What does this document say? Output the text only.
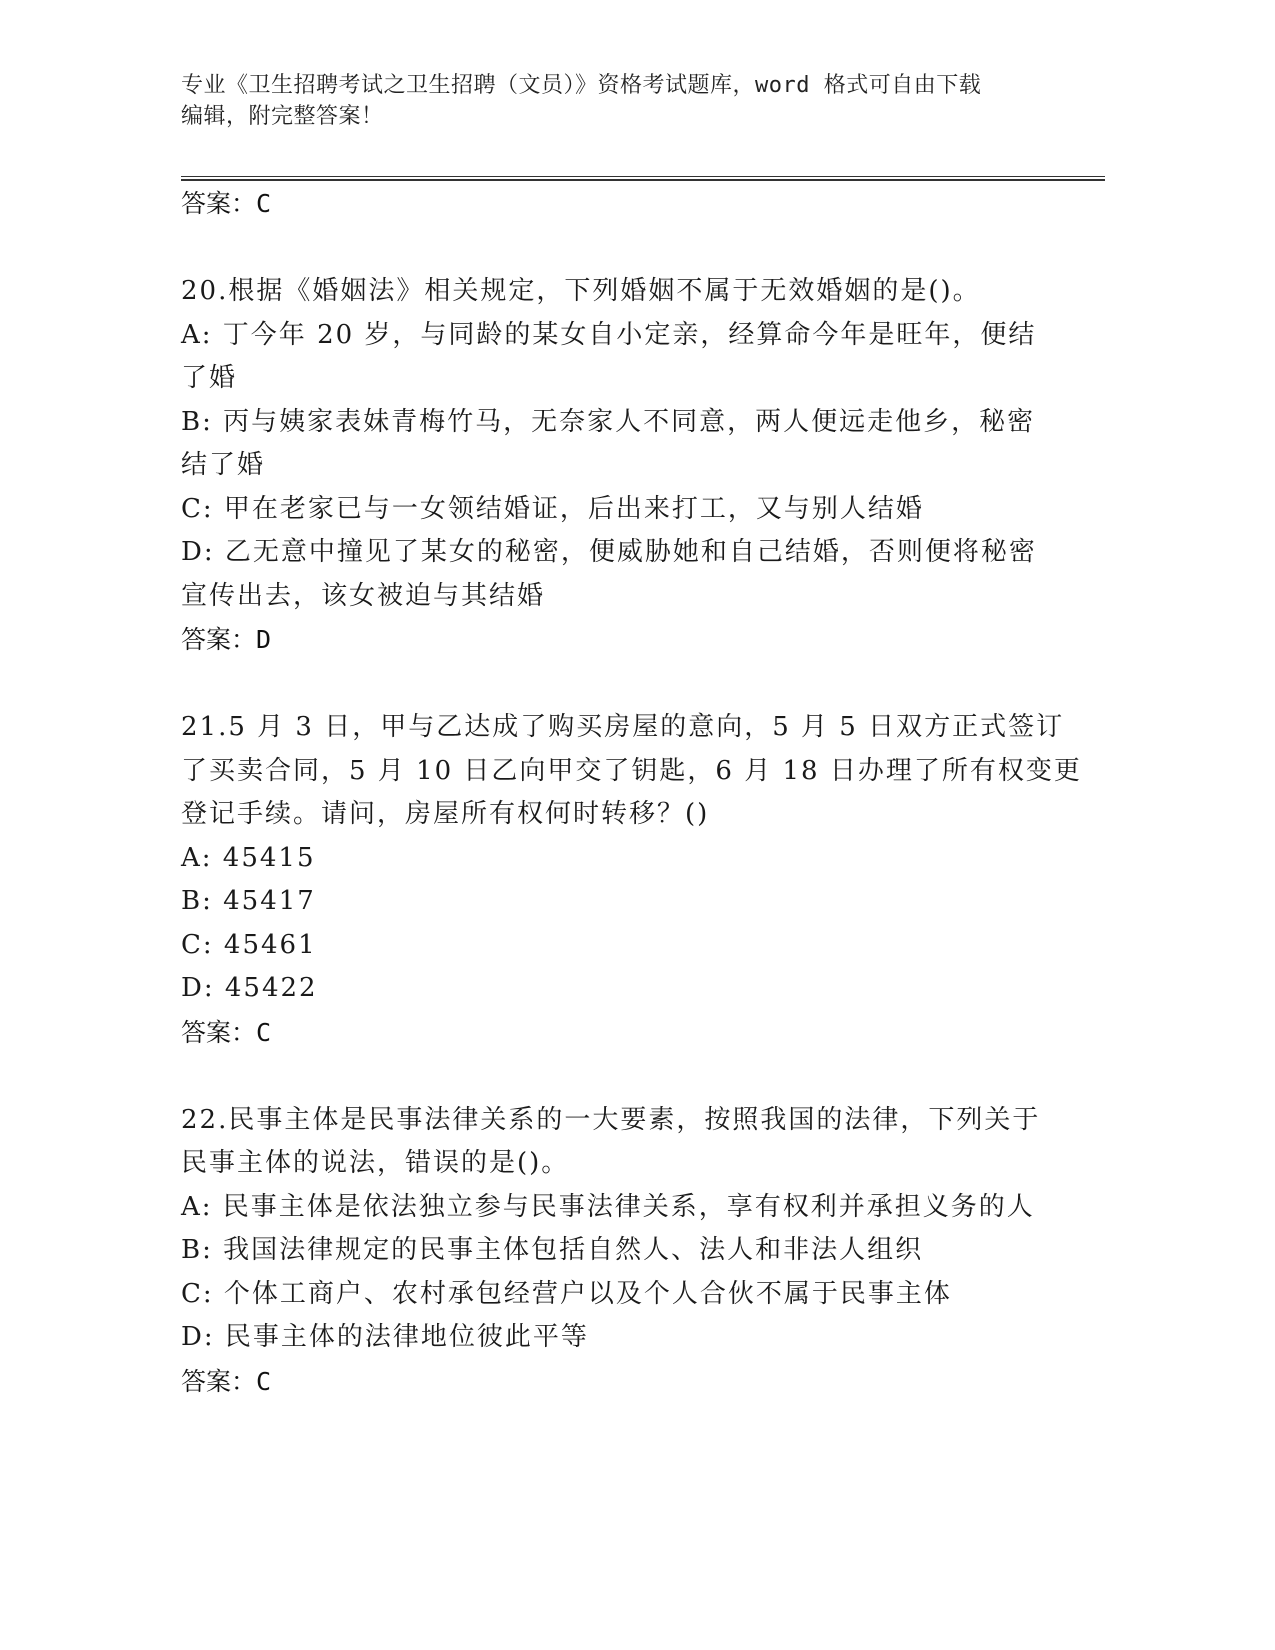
专业《卫生招聘考试之卫生招聘（文员）》资格考试题库，word 格式可自由下载
编辑，附完整答案！
答案：C
20.根据《婚姻法》相关规定，下列婚姻不属于无效婚姻的是()。
A: 丁今年 20 岁，与同龄的某女自小定亲，经算命今年是旺年，便结
了婚
B: 丙与姨家表妹青梅竹马，无奈家人不同意，两人便远走他乡，秘密
结了婚
C: 甲在老家已与一女领结婚证，后出来打工，又与别人结婚
D: 乙无意中撞见了某女的秘密，便威胁她和自己结婚，否则便将秘密
宣传出去，该女被迫与其结婚
答案：D
21.5 月 3 日，甲与乙达成了购买房屋的意向，5 月 5 日双方正式签订
了买卖合同，5 月 10 日乙向甲交了钥匙，6 月 18 日办理了所有权变更
登记手续。请问，房屋所有权何时转移？()
A: 45415
B: 45417
C: 45461
D: 45422
答案：C
22.民事主体是民事法律关系的一大要素，按照我国的法律，下列关于
民事主体的说法，错误的是()。
A: 民事主体是依法独立参与民事法律关系，享有权利并承担义务的人
B: 我国法律规定的民事主体包括自然人、法人和非法人组织
C: 个体工商户、农村承包经营户以及个人合伙不属于民事主体
D: 民事主体的法律地位彼此平等
答案：C
